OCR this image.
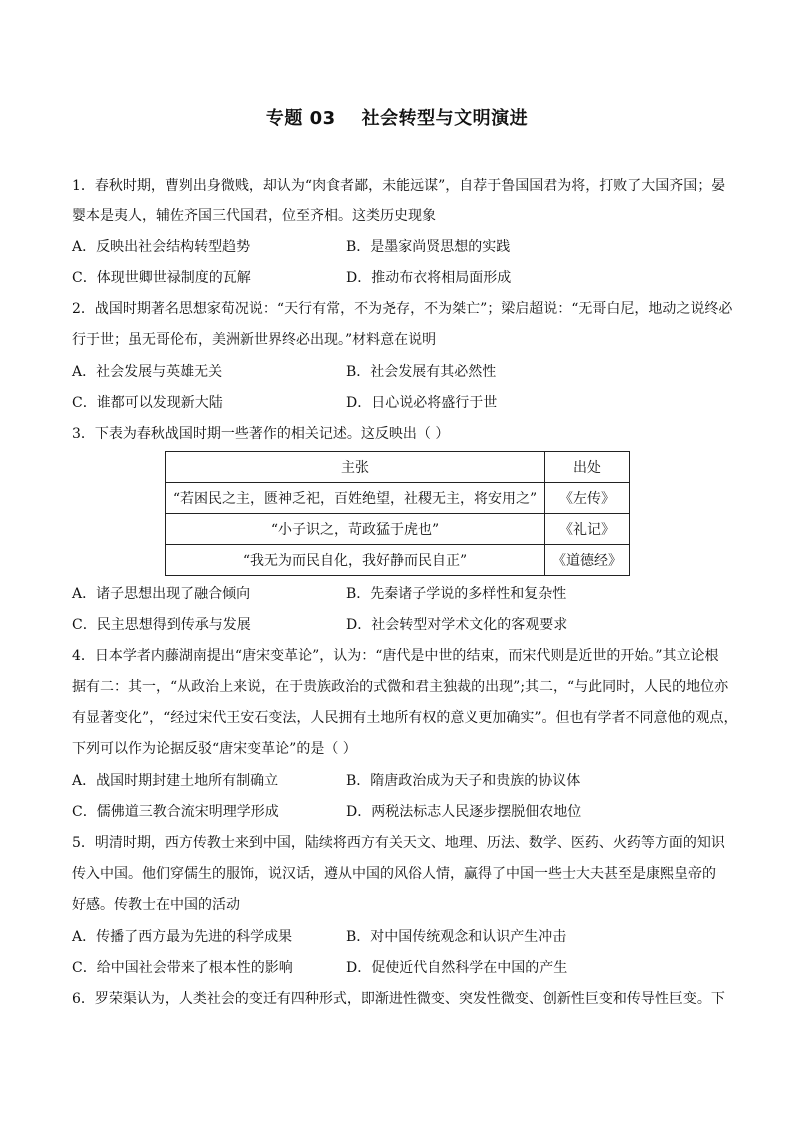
专题 03 社会转型与文明演进
1．春秋时期，曹刿出身微贱，却认为“肉食者鄙，未能远谋”，自荐于鲁国国君为将，打败了大国齐国；晏
婴本是夷人，辅佐齐国三代国君，位至齐相。这类历史现象
A．反映出社会结构转型趋势	B．是墨家尚贤思想的实践
C．体现世卿世禄制度的瓦解	D．推动布衣将相局面形成
2．战国时期著名思想家荀况说：“天行有常，不为尧存，不为桀亡”；梁启超说：“无哥白尼，地动之说终必
行于世；虽无哥伦布，美洲新世界终必出现。”材料意在说明
A．社会发展与英雄无关	B．社会发展有其必然性
C．谁都可以发现新大陆	D．日心说必将盛行于世
3．下表为春秋战国时期一些著作的相关记述。这反映出（ ）
主张	出处
“若困民之主，匮神乏祀，百姓绝望，社稷无主，将安用之”	《左传》
“小子识之，苛政猛于虎也”	《礼记》
“我无为而民自化，我好静而民自正”	《道德经》
A．诸子思想出现了融合倾向	B．先秦诸子学说的多样性和复杂性
C．民主思想得到传承与发展	D．社会转型对学术文化的客观要求
4．日本学者内藤湖南提出“唐宋变革论”，认为：“唐代是中世的结束，而宋代则是近世的开始。”其立论根
据有二：其一，“从政治上来说，在于贵族政治的式微和君主独裁的出现”;其二，“与此同时，人民的地位亦
有显著变化”，“经过宋代王安石变法，人民拥有土地所有权的意义更加确实”。但也有学者不同意他的观点，
下列可以作为论据反驳“唐宋变革论”的是（ ）
A．战国时期封建土地所有制确立	B．隋唐政治成为天子和贵族的协议体
C．儒佛道三教合流宋明理学形成	D．两税法标志人民逐步摆脱佃农地位
5．明清时期，西方传教士来到中国，陆续将西方有关天文、地理、历法、数学、医药、火药等方面的知识
传入中国。他们穿儒生的服饰，说汉话，遵从中国的风俗人情，赢得了中国一些士大夫甚至是康熙皇帝的
好感。传教士在中国的活动
A．传播了西方最为先进的科学成果	B．对中国传统观念和认识产生冲击
C．给中国社会带来了根本性的影响	D．促使近代自然科学在中国的产生
6．罗荣渠认为，人类社会的变迁有四种形式，即渐进性微变、突发性微变、创新性巨变和传导性巨变。下
